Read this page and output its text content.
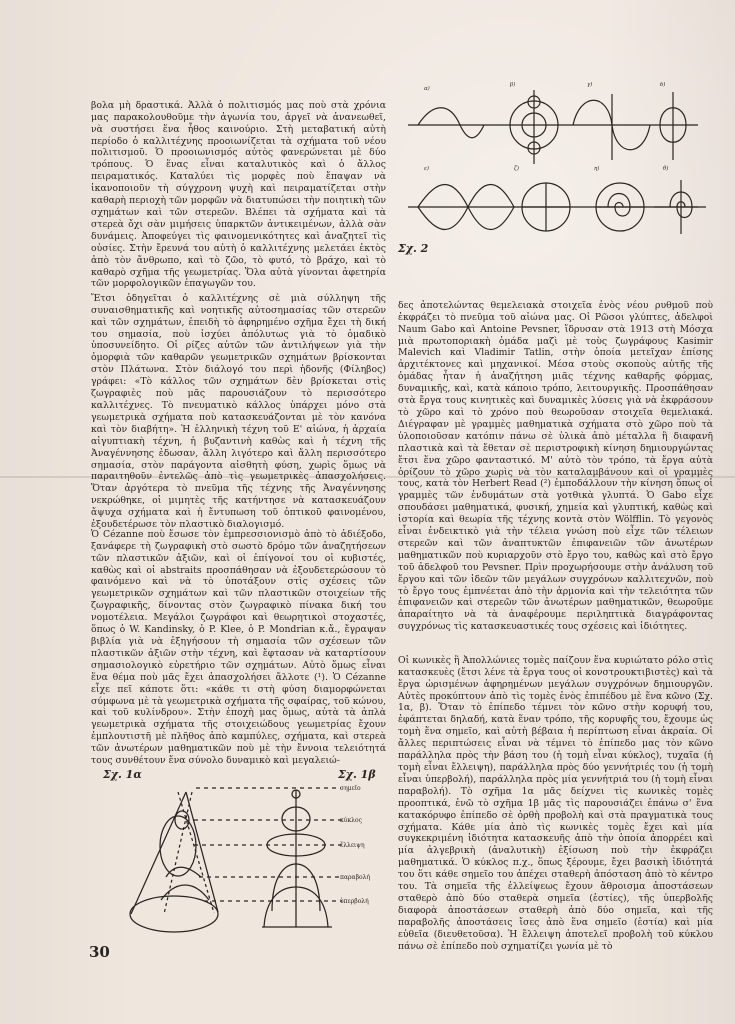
βολα μὴ δραστικά. Ἀλλὰ ὁ πολιτισμός μας ποὺ στὰ χρόνια μας παρακολουθοῦμε τὴν ἀγωνία του, ἀργεῖ νὰ ἀνανεωθεῖ, νὰ συστήσει ἕνα ἦθος καινούριο. Στὴ μεταβατική αὐτὴ περίοδο ὁ καλλιτέχνης προοιωνίζεται τὰ σχήματα τοῦ νέου πολιτισμοῦ. Ὁ προοιωνισμός αὐτὸς φανερώνεται μὲ δύο τρόπους. Ὁ ἕνας εἶναι καταλυτικὸς καὶ ὁ ἄλλος πειραματικός. Καταλύει τὶς μορφὲς ποὺ ἔπαψαν νὰ ἱκανοποιοῦν τὴ σύγχρονη ψυχὴ καὶ πειραματίζεται στὴν καθαρὴ περιοχὴ τῶν μορφῶν νὰ διατυπώσει τὴν ποιητικὴ τῶν σχημάτων καὶ τῶν στερεῶν. Βλέπει τὰ σχήματα καὶ τὰ στερεὰ ὄχι σὰν μιμήσεις ὑπαρκτῶν ἀντικειμένων, ἀλλὰ σὰν δυνάμεις. Ἀποφεύγει τὶς φαινομενικότητες καὶ ἀναζητεῖ τὶς οὐσίες. Στὴν ἔρευνά του αὐτὴ ὁ καλλιτέχνης μελετάει ἐκτὸς ἀπὸ τὸν ἄνθρωπο, καὶ τὸ ζῶο, τὸ φυτό, τὸ βράχο, καὶ τὸ καθαρὸ σχῆμα τῆς γεωμετρίας. Ὅλα αὐτὰ γίνονται ἀφετηρία τῶν μορφολογικῶν ἐπαγωγῶν του.

Ἔτσι ὁδηγεῖται ὁ καλλιτέχνης σὲ μιὰ σύλληψη τῆς συναισθηματικῆς καὶ νοητικῆς αὐτοσημασίας τῶν στερεῶν καὶ τῶν σχημάτων, ἐπειδὴ τὸ ἀφηρημένο σχῆμα ἔχει τὴ δική του σημασία, ποὺ ἰσχύει ἀπόλυτως γιὰ τὸ ὁμαδικὸ ὑποσυνείδητο. Οἱ ρίζες αὐτῶν τῶν ἀντιλήψεων γιὰ τὴν ὀμορφιὰ τῶν καθαρῶν γεωμετρικῶν σχημάτων βρίσκονται στὸν Πλάτωνα. Στὸν διάλογό του περὶ ἡδονῆς (Φίληβος) γράφει: «Τὸ κάλλος τῶν σχημάτων δὲν βρίσκεται στὶς ζωγραφιὲς ποὺ μᾶς παρουσιάζουν τὸ περισσότερο καλλιτέχνες. Τὸ πνευματικὸ κάλλος ὑπάρχει μόνο στὰ γεωμετρικὰ σχήματα ποὺ κατασκευάζονται μὲ τὸν κανόνα καὶ τὸν διαβήτη». Ἡ ἑλληνικὴ τέχνη τοῦ Ε' αἰώνα, ἡ ἀρχαία αἰγυπτιακὴ τέχνη, ἡ βυζαντινὴ καθὼς καὶ ἡ τέχνη τῆς Ἀναγέννησης ἐδωσαν, ἄλλη λιγότερο καὶ ἄλλη περισσότερο σημασία, στὸν παράγοντα αἰσθητὴ φύση, χωρὶς ὅμως νὰ παραιτηθοῦν ἐντελῶς ἀπὸ τὶς γεωμετρικὲς ἀπασχολήσεις. Ὅταν ἀργότερα τὸ πνεῦμα τῆς τέχνης τῆς Ἀναγέννησης νεκρώθηκε, οἱ μιμητὲς τῆς κατήντησε νὰ κατασκευάζουν ἄψυχα σχήματα καὶ ἡ ἔντυπωση τοῦ ὀπτικοῦ φαινομένου, ἐξουδετέρωσε τὸν πλαστικὸ διαλογισμό.

Ὁ Cézanne ποὺ ἔσωσε τὸν ἐμπρεσσιονισμὸ ἀπὸ τὸ ἀδιέξοδο, ξανάφερε τὴ ζωγραφικὴ στὸ σωστὸ δρόμο τῶν ἀναζητήσεων τῶν πλαστικῶν ἀξιῶν, καὶ οἱ ἐπίγονοί του οἱ κυβιστές, καθὼς καὶ οἱ abstraits προσπάθησαν νὰ ἐξουδετερώσουν τὸ φαινόμενο καὶ νὰ τὸ ὑποτάξουν στὶς σχέσεις τῶν γεωμετρικῶν σχημάτων καὶ τῶν πλαστικῶν στοιχείων τῆς ζωγραφικῆς, δίνοντας στὸν ζωγραφικὸ πίνακα δική του νομοτέλεια. Μεγάλοι ζωγράφοι καὶ θεωρητικοὶ στοχαστές, ὅπως ὁ W. Kandinsky, ὁ P. Klee, ὁ P. Mondrian κ.ἄ., ἔγραψαν βιβλία γιὰ νὰ ἐξηγήσουν τὴ σημασία τῶν σχέσεων τῶν πλαστικῶν ἀξιῶν στὴν τέχνη, καὶ ἔφτασαν νὰ καταρτίσουν σημασιολογικὸ εὑρετήριο τῶν σχημάτων. Αὐτὸ ὅμως εἶναι ἕνα θέμα ποὺ μᾶς ἔχει ἀπασχολήσει ἄλλοτε (¹). Ὁ Cézanne εἶχε πεῖ κάποτε ὅτι: «κάθε τι στὴ φύση διαμορφώνεται σύμφωνα μὲ τὰ γεωμετρικὰ σχήματα τῆς σφαίρας, τοῦ κώνου, καὶ τοῦ κυλίνδρου». Στὴν ἐποχὴ μας ὅμως, αὐτὰ τὰ ἁπλὰ γεωμετρικὰ σχήματα τῆς στοιχειώδους γεωμετρίας ἔχουν ἐμπλουτιστῆ μὲ πλῆθος ἀπὸ καμπύλες, σχήματα, καὶ στερεὰ τῶν ἀνωτέρων μαθηματικῶν ποὺ μὲ τὴν ἔννοια τελειότητά τους συνθέτουν ἕνα σύνολο δυναμικὸ καὶ μεγαλειώ-

δες ἀποτελώντας θεμελειακὰ στοιχεῖα ἑνὸς νέου ρυθμοῦ ποὺ ἐκφράζει τὸ πνεῦμα τοῦ αἰώνα μας. Οἱ Ρῶσοι γλύπτες, ἀδελφοὶ Naum Gabo καὶ Antoine Pevsner, ἵδρυσαν στὰ 1913 στὴ Μόσχα μιὰ πρωτοποριακὴ ὁμάδα μαζὶ μὲ τοὺς ζωγράφους Kasimir Malevich καὶ Vladimir Tatlin, στὴν ὁποία μετεῖχαν ἐπίσης ἀρχιτέκτονες καὶ μηχανικοί. Μέσα στοὺς σκοποὺς αὐτῆς τῆς ὁμάδας ἦταν ἡ ἀναζήτηση μιᾶς τέχνης καθαρῆς φόρμας, δυναμικῆς, καὶ, κατὰ κάποιο τρόπο, λειτουργικῆς. Προσπάθησαν στὰ ἔργα τους κινητικὲς καὶ δυναμικὲς λύσεις γιὰ νὰ ἐκφράσουν τὸ χῶρο καὶ τὸ χρόνο ποὺ θεωροῦσαν στοιχεῖα θεμελιακά. Διέγραφαν μὲ γραμμὲς μαθηματικὰ σχήματα στὸ χῶρο ποὺ τὰ ὑλοποιοῦσαν κατόπιν πάνω σὲ ὑλικὰ ἀπὸ μέταλλα ἢ διαφανῆ πλαστικὰ καὶ τὰ ἔθεταν σὲ περιστροφικὴ κίνηση δημιουργώντας ἔτσι ἕνα χῶρο φανταστικό. Μ' αὐτὸ τὸν τρόπο, τὰ ἔργα αὐτὰ ὁρίζουν τὸ χῶρο χωρὶς νὰ τὸν καταλαμβάνουν καὶ οἱ γραμμὲς τους, κατὰ τὸν Herbert Read (²) ἐμποδάλλουν τὴν κίνηση ὅπως οἱ γραμμὲς τῶν ἐνδυμάτων στὰ γοτθικὰ γλυπτά. Ὁ Gabo εἶχε σπουδάσει μαθηματικά, φυσική, χημεία καὶ γλυπτική, καθὼς καὶ ἱστορία καὶ θεωρία τῆς τέχνης κοντὰ στὸν Wölfflin. Τὸ γεγονὸς εἶναι ἐνδεικτικὸ γιὰ τὴν τέλεια γνώση ποὺ εἶχε τῶν τέλειων στερεῶν καὶ τῶν ἀναπτυκτῶν ἐπιφανειῶν τῶν ἀνωτέρων μαθηματικῶν ποὺ κυριαρχοῦν στὸ ἔργο του, καθὼς καὶ στὸ ἔργο τοῦ ἀδελφοῦ του Pevsner. Πρὶν προχωρήσουμε στὴν ἀνάλυση τοῦ ἔργου καὶ τῶν ἰδεῶν τῶν μεγάλων συγχρόνων καλλιτεχνῶν, ποὺ τὸ ἔργο τους ἐμπνέεται ἀπὸ τὴν ἁρμονία καὶ τὴν τελειότητα τῶν ἐπιφανειῶν καὶ στερεῶν τῶν ἀνωτέρων μαθηματικῶν, θεωροῦμε ἀπαραίτητο νὰ τὰ ἀναφέρουμε περιληπτικὰ διαγράφοντας συγχρόνως τὶς κατασκευαστικές τους σχέσεις καὶ ἰδιότητες.

Οἱ κωνικὲς ἢ Ἀπολλώνιες τομὲς παίζουν ἕνα κυριώτατο ρόλο στὶς κατασκευὲς (ἔτσι λένε τὰ ἔργα τους οἱ κονστρουκτιβιστὲς) καὶ τὰ ἔργα ὡρισμένων ἀφηρημένων μεγάλων συγχρόνων δημιουργῶν. Αὐτὲς προκύπτουν ἀπὸ τὶς τομὲς ἑνὸς ἐπιπέδου μὲ ἕνα κῶνο (Σχ. 1α, β). Ὅταν τὸ ἐπίπεδο τέμνει τὸν κῶνο στὴν κορυφή του, ἐφάπτεται δηλαδή, κατὰ ἕναν τρόπο, τῆς κορυφῆς του, ἔχουμε ὡς τομὴ ἕνα σημεῖο, καὶ αὐτὴ βέβαια ἡ περίπτωση εἶναι ἀκραία. Οἱ ἄλλες περιπτώσεις εἶναι νὰ τέμνει τὸ ἐπίπεδο μας τὸν κῶνο παράλληλα πρὸς τὴν βάση του (ἡ τομὴ εἶναι κύκλος), τυχαῖα (ἡ τομὴ εἶναι ἔλλειψη), παράλληλα πρὸς δύο γεννήτριές του (ἡ τομὴ εἶναι ὑπερβολή), παράλληλα πρὸς μία γεννήτριά του (ἡ τομὴ εἶναι παραβολή). Τὸ σχῆμα 1α μᾶς δείχνει τὶς κωνικὲς τομὲς προοπτικά, ἐνῶ τὸ σχῆμα 1β μᾶς τὶς παρουσιάζει ἐπάνω σ' ἕνα κατακόρυφο ἐπίπεδο σὲ ὀρθὴ προβολὴ καὶ στὰ πραγματικὰ τους σχήματα. Κάθε μία ἀπὸ τὶς κωνικὲς τομὲς ἔχει καὶ μία συγκεκριμένη ἰδιότητα κατασκευῆς ἀπὸ τὴν ὁποία ἀπορρέει καὶ μία ἀλγεβρικὴ (ἀναλυτικὴ) ἐξίσωση ποὺ τὴν ἐκφράζει μαθηματικά. Ὁ κύκλος π.χ., ὅπως ξέρουμε, ἔχει βασικὴ ἰδιότητά του ὅτι κάθε σημεῖο του ἀπέχει σταθερὴ ἀπόσταση ἀπὸ τὸ κέντρο του. Τὰ σημεῖα τῆς ἐλλείψεως ἔχουν ἄθροισμα ἀποστάσεων σταθερὸ ἀπὸ δύο σταθερὰ σημεῖα (ἑστίες), τῆς ὑπερβολῆς διαφορὰ ἀποστάσεων σταθερὴ ἀπὸ δύο σημεῖα, καὶ τῆς παραβολῆς ἀποστάσεις ἴσες ἀπὸ ἕνα σημεῖο (ἑστία) καὶ μία εὐθεῖα (διευθετοῦσα). Ἡ ἔλλειψη ἀποτελεῖ προβολὴ τοῦ κύκλου πάνω σὲ ἐπίπεδο ποὺ σχηματίζει γωνία μὲ τὸ

α)
β)	γ)	δ)
ε)	ζ)	η)	θ)
Σχ. 2
σημεῖο
κύκλος
ἔλλειψη
παραβολή
ὑπερβολή
Σχ. 1α	Σχ. 1β
30
